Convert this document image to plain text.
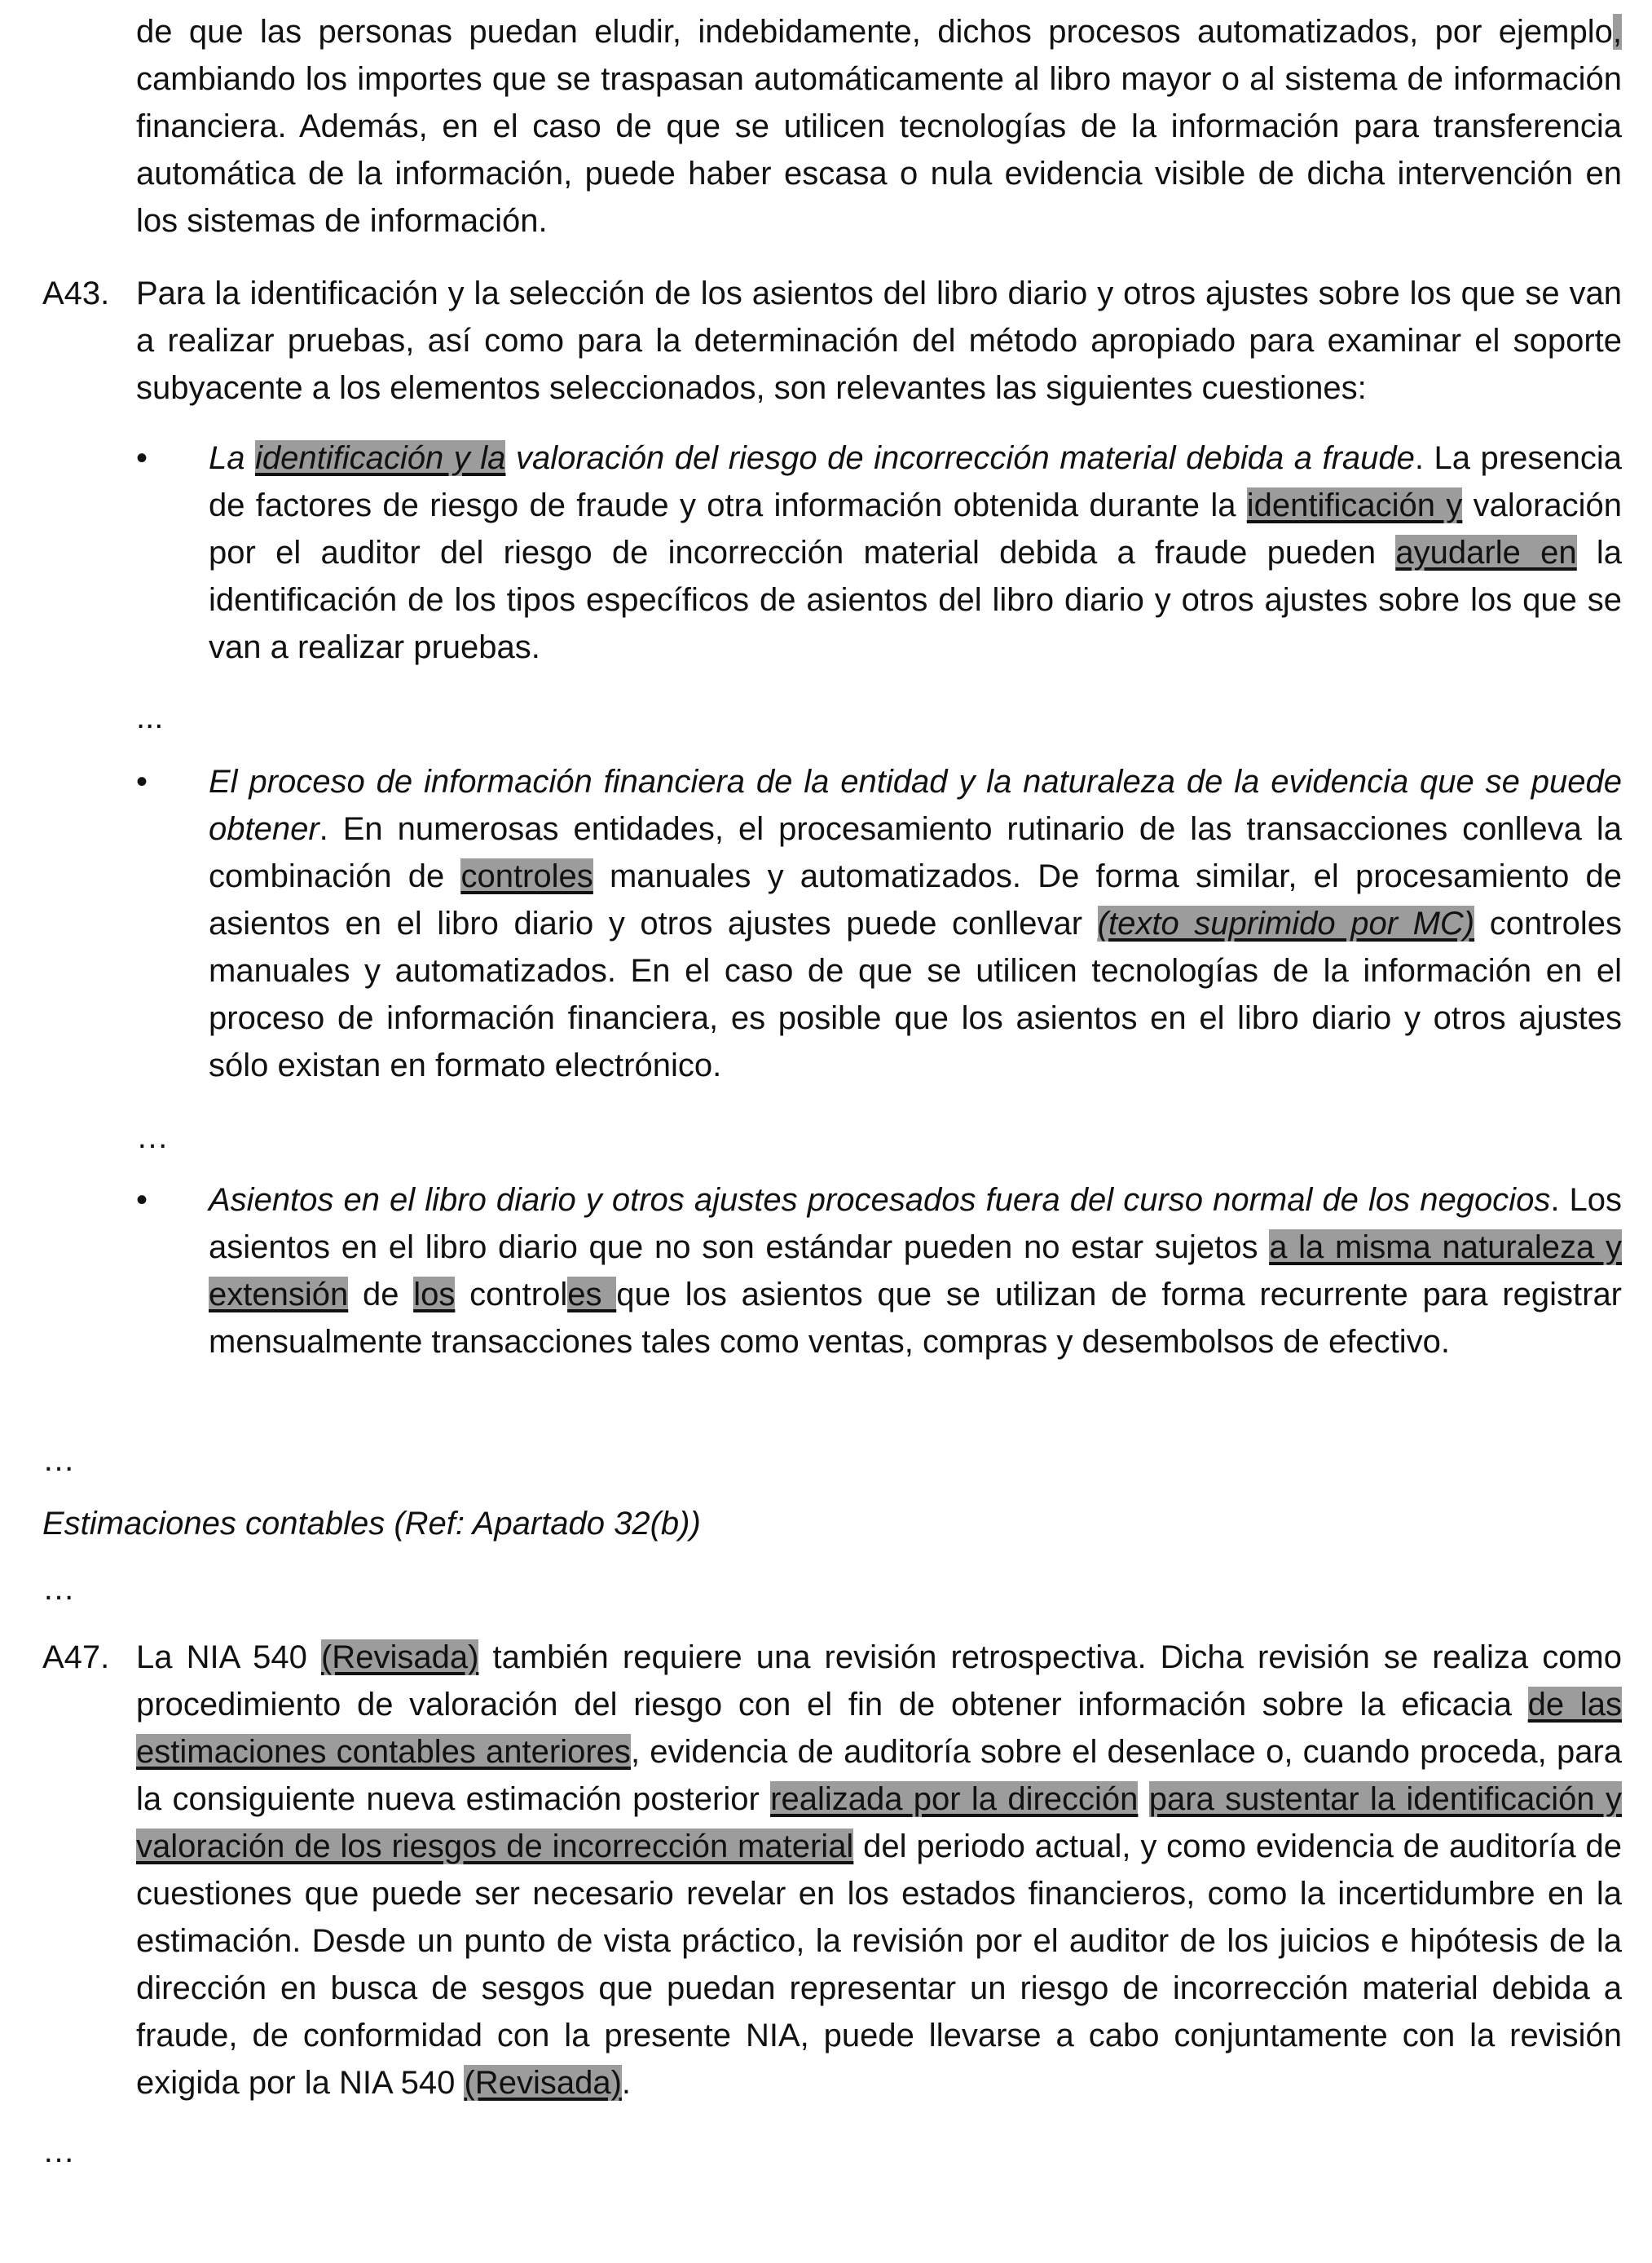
de que las personas puedan eludir, indebidamente, dichos procesos automatizados, por ejemplo, cambiando los importes que se traspasan automáticamente al libro mayor o al sistema de información financiera. Además, en el caso de que se utilicen tecnologías de la información para transferencia automática de la información, puede haber escasa o nula evidencia visible de dicha intervención en los sistemas de información.

A43. Para la identificación y la selección de los asientos del libro diario y otros ajustes sobre los que se van a realizar pruebas, así como para la determinación del método apropiado para examinar el soporte subyacente a los elementos seleccionados, son relevantes las siguientes cuestiones:

•	La identificación y la valoración del riesgo de incorrección material debida a fraude. La presencia de factores de riesgo de fraude y otra información obtenida durante la identificación y valoración por el auditor del riesgo de incorrección material debida a fraude pueden ayudarle en la identificación de los tipos específicos de asientos del libro diario y otros ajustes sobre los que se van a realizar pruebas.

...
•	El proceso de información financiera de la entidad y la naturaleza de la evidencia que se puede obtener. En numerosas entidades, el procesamiento rutinario de las transacciones conlleva la combinación de controles manuales y automatizados. De forma similar, el procesamiento de asientos en el libro diario y otros ajustes puede conllevar (texto suprimido por MC) controles manuales y automatizados. En el caso de que se utilicen tecnologías de la información en el proceso de información financiera, es posible que los asientos en el libro diario y otros ajustes sólo existan en formato electrónico.

…
•	Asientos en el libro diario y otros ajustes procesados fuera del curso normal de los negocios. Los asientos en el libro diario que no son estándar pueden no estar sujetos a la misma naturaleza y extensión de los controles que los asientos que se utilizan de forma recurrente para registrar mensualmente transacciones tales como ventas, compras y desembolsos de efectivo.

…
Estimaciones contables (Ref: Apartado 32(b))
…
A47. La NIA 540 (Revisada) también requiere una revisión retrospectiva. Dicha revisión se realiza como procedimiento de valoración del riesgo con el fin de obtener información sobre la eficacia de las estimaciones contables anteriores, evidencia de auditoría sobre el desenlace o, cuando proceda, para la consiguiente nueva estimación posterior realizada por la dirección para sustentar la identificación y valoración de los riesgos de incorrección material del periodo actual, y como evidencia de auditoría de cuestiones que puede ser necesario revelar en los estados financieros, como la incertidumbre en la estimación. Desde un punto de vista práctico, la revisión por el auditor de los juicios e hipótesis de la dirección en busca de sesgos que puedan representar un riesgo de incorrección material debida a fraude, de conformidad con la presente NIA, puede llevarse a cabo conjuntamente con la revisión exigida por la NIA 540 (Revisada).

…
